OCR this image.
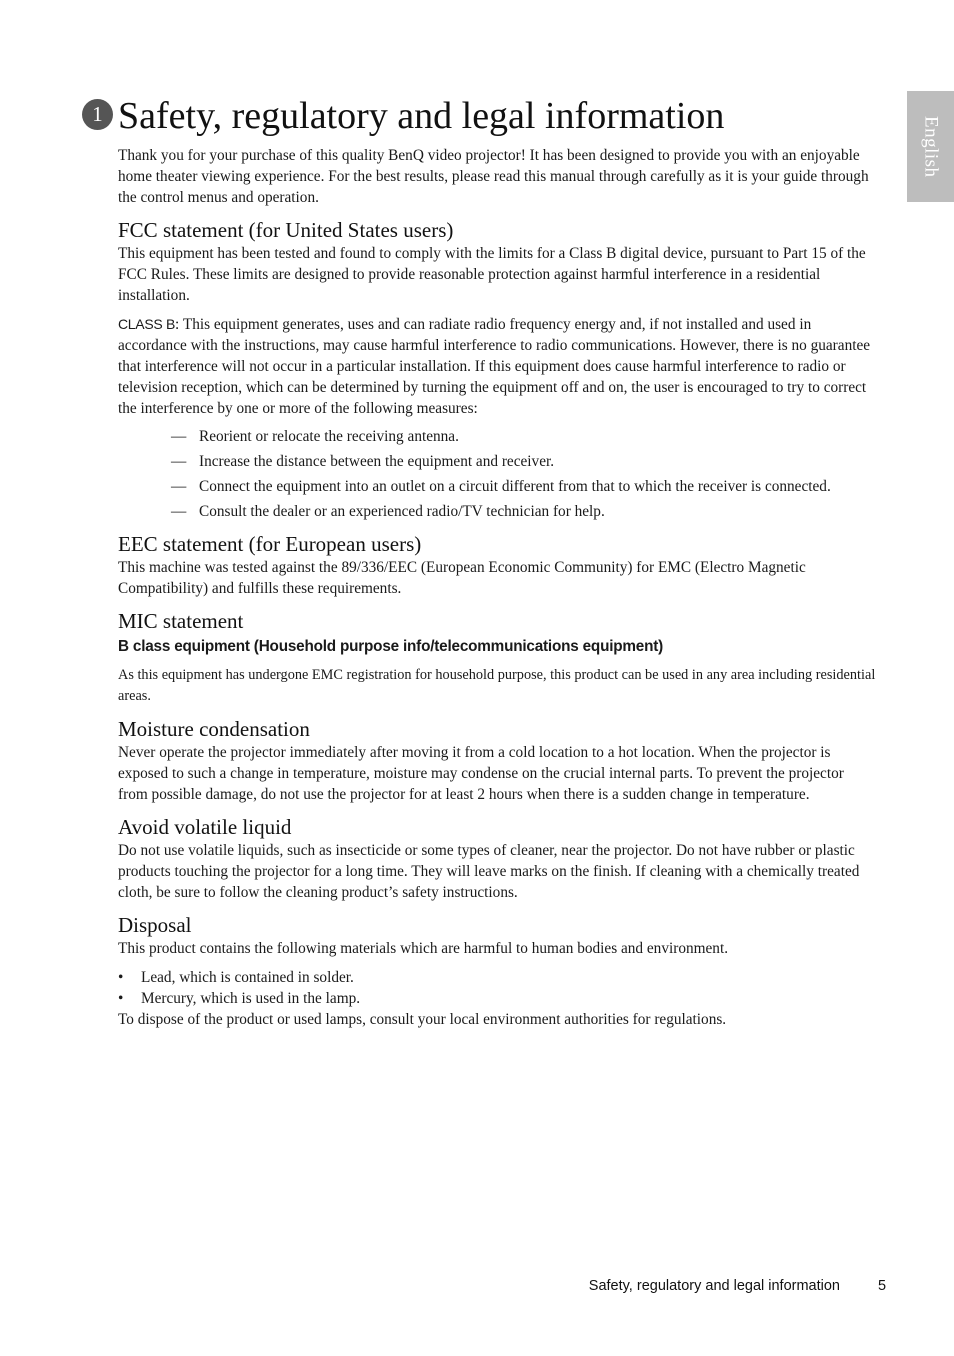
English
1 Safety, regulatory and legal information

Thank you for your purchase of this quality BenQ video projector! It has been designed to provide you with an enjoyable home theater viewing experience. For the best results, please read this manual through carefully as it is your guide through the control menus and operation.

FCC statement (for United States users)

This equipment has been tested and found to comply with the limits for a Class B digital device, pursuant to Part 15 of the FCC Rules. These limits are designed to provide reasonable protection against harmful interference in a residential installation.

CLASS B: This equipment generates, uses and can radiate radio frequency energy and, if not installed and used in accordance with the instructions, may cause harmful interference to radio communications. However, there is no guarantee that interference will not occur in a particular installation. If this equipment does cause harmful interference to radio or television reception, which can be determined by turning the equipment off and on, the user is encouraged to try to correct the interference by one or more of the following measures:

— Reorient or relocate the receiving antenna.
— Increase the distance between the equipment and receiver.
— Connect the equipment into an outlet on a circuit different from that to which the receiver is connected.
— Consult the dealer or an experienced radio/TV technician for help.
EEC statement (for European users)

This machine was tested against the 89/336/EEC (European Economic Community) for EMC (Electro Magnetic Compatibility) and fulfills these requirements.

MIC statement
B class equipment (Household purpose info/telecommunications equipment)

As this equipment has undergone EMC registration for household purpose, this product can be used in any area including residential areas.

Moisture condensation

Never operate the projector immediately after moving it from a cold location to a hot location. When the projector is exposed to such a change in temperature, moisture may condense on the crucial internal parts. To prevent the projector from possible damage, do not use the projector for at least 2 hours when there is a sudden change in temperature.

Avoid volatile liquid

Do not use volatile liquids, such as insecticide or some types of cleaner, near the projector. Do not have rubber or plastic products touching the projector for a long time. They will leave marks on the finish. If cleaning with a chemically treated cloth, be sure to follow the cleaning product’s safety instructions.

Disposal

This product contains the following materials which are harmful to human bodies and environment.

• Lead, which is contained in solder.
• Mercury, which is used in the lamp.

To dispose of the product or used lamps, consult your local environment authorities for regulations.

Safety, regulatory and legal information	5
